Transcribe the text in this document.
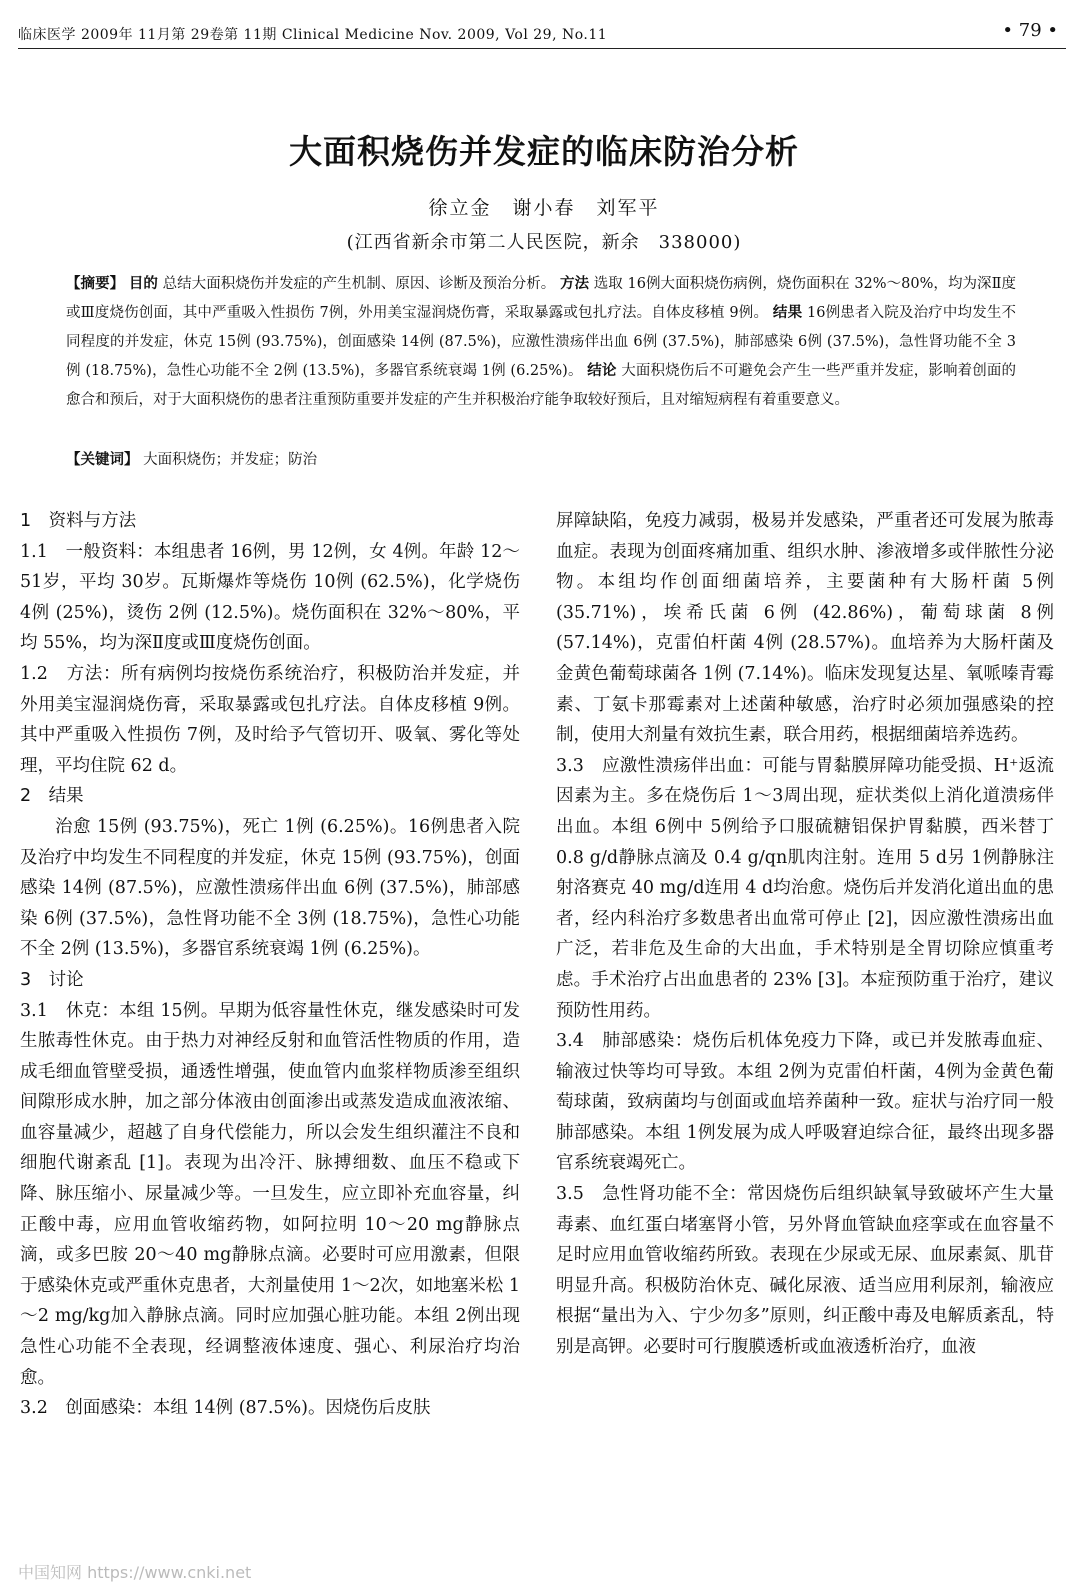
临床医学 2009年 11月第 29卷第 11期 Clinical Medicine Nov. 2009, Vol 29, No.11	• 79 •
大面积烧伤并发症的临床防治分析
徐立金　谢小春　刘军平
(江西省新余市第二人民医院，新余　338000)
【摘要】 目的 总结大面积烧伤并发症的产生机制、原因、诊断及预治分析。 方法 选取 16例大面积烧伤病例，烧伤面积在 32%～80%，均为深Ⅱ度或Ⅲ度烧伤创面，其中严重吸入性损伤 7例，外用美宝湿润烧伤膏，采取暴露或包扎疗法。自体皮移植 9例。 结果 16例患者入院及治疗中均发生不同程度的并发症，休克 15例 (93.75%)，创面感染 14例 (87.5%)，应激性溃疡伴出血 6例 (37.5%)，肺部感染 6例 (37.5%)，急性肾功能不全 3例 (18.75%)，急性心功能不全 2例 (13.5%)，多器官系统衰竭 1例 (6.25%)。 结论 大面积烧伤后不可避免会产生一些严重并发症，影响着创面的愈合和预后，对于大面积烧伤的患者注重预防重要并发症的产生并积极治疗能争取较好预后，且对缩短病程有着重要意义。
【关键词】 大面积烧伤；并发症；防治

1　资料与方法

1.1　一般资料：本组患者 16例，男 12例，女 4例。年龄 12～51岁，平均 30岁。瓦斯爆炸等烧伤 10例 (62.5%)，化学烧伤 4例 (25%)，烫伤 2例 (12.5%)。烧伤面积在 32%～80%，平均 55%，均为深Ⅱ度或Ⅲ度烧伤创面。

1.2　方法：所有病例均按烧伤系统治疗，积极防治并发症，并外用美宝湿润烧伤膏，采取暴露或包扎疗法。自体皮移植 9例。其中严重吸入性损伤 7例，及时给予气管切开、吸氧、雾化等处理，平均住院 62 d。

2　结果

治愈 15例 (93.75%)，死亡 1例 (6.25%)。16例患者入院及治疗中均发生不同程度的并发症，休克 15例 (93.75%)，创面感染 14例 (87.5%)，应激性溃疡伴出血 6例 (37.5%)，肺部感染 6例 (37.5%)，急性肾功能不全 3例 (18.75%)，急性心功能不全 2例 (13.5%)，多器官系统衰竭 1例 (6.25%)。

3　讨论

3.1　休克：本组 15例。早期为低容量性休克，继发感染时可发生脓毒性休克。由于热力对神经反射和血管活性物质的作用，造成毛细血管壁受损，通透性增强，使血管内血浆样物质渗至组织间隙形成水肿，加之部分体液由创面渗出或蒸发造成血液浓缩、血容量减少，超越了自身代偿能力，所以会发生组织灌注不良和细胞代谢紊乱 [1]。表现为出冷汗、脉搏细数、血压不稳或下降、脉压缩小、尿量减少等。一旦发生，应立即补充血容量，纠正酸中毒，应用血管收缩药物，如阿拉明 10～20 mg静脉点滴，或多巴胺 20～40 mg静脉点滴。必要时可应用激素，但限于感染休克或严重休克患者，大剂量使用 1～2次，如地塞米松 1～2 mg/kg加入静脉点滴。同时应加强心脏功能。本组 2例出现急性心功能不全表现，经调整液体速度、强心、利尿治疗均治愈。

3.2　创面感染：本组 14例 (87.5%)。因烧伤后皮肤

屏障缺陷，免疫力减弱，极易并发感染，严重者还可发展为脓毒血症。表现为创面疼痛加重、组织水肿、渗液增多或伴脓性分泌物。本组均作创面细菌培养，主要菌种有大肠杆菌 5例 (35.71%)，埃希氏菌 6例 (42.86%)，葡萄球菌 8例 (57.14%)，克雷伯杆菌 4例 (28.57%)。血培养为大肠杆菌及金黄色葡萄球菌各 1例 (7.14%)。临床发现复达星、氧哌嗪青霉素、丁氨卡那霉素对上述菌种敏感，治疗时必须加强感染的控制，使用大剂量有效抗生素，联合用药，根据细菌培养选药。

3.3　应激性溃疡伴出血：可能与胃黏膜屏障功能受损、H⁺返流因素为主。多在烧伤后 1～3周出现，症状类似上消化道溃疡伴出血。本组 6例中 5例给予口服硫糖铝保护胃黏膜，西米替丁 0.8 g/d静脉点滴及 0.4 g/qn肌肉注射。连用 5 d另 1例静脉注射洛赛克 40 mg/d连用 4 d均治愈。烧伤后并发消化道出血的患者，经内科治疗多数患者出血常可停止 [2]，因应激性溃疡出血广泛，若非危及生命的大出血，手术特别是全胃切除应慎重考虑。手术治疗占出血患者的 23% [3]。本症预防重于治疗，建议预防性用药。

3.4　肺部感染：烧伤后机体免疫力下降，或已并发脓毒血症、输液过快等均可导致。本组 2例为克雷伯杆菌，4例为金黄色葡萄球菌，致病菌均与创面或血培养菌种一致。症状与治疗同一般肺部感染。本组 1例发展为成人呼吸窘迫综合征，最终出现多器官系统衰竭死亡。

3.5　急性肾功能不全：常因烧伤后组织缺氧导致破坏产生大量毒素、血红蛋白堵塞肾小管，另外肾血管缺血痉挛或在血容量不足时应用血管收缩药所致。表现在少尿或无尿、血尿素氮、肌苷明显升高。积极防治休克、碱化尿液、适当应用利尿剂，输液应根据“量出为入、宁少勿多”原则，纠正酸中毒及电解质紊乱，特别是高钾。必要时可行腹膜透析或血液透析治疗，血液

中国知网 https://www.cnki.net
